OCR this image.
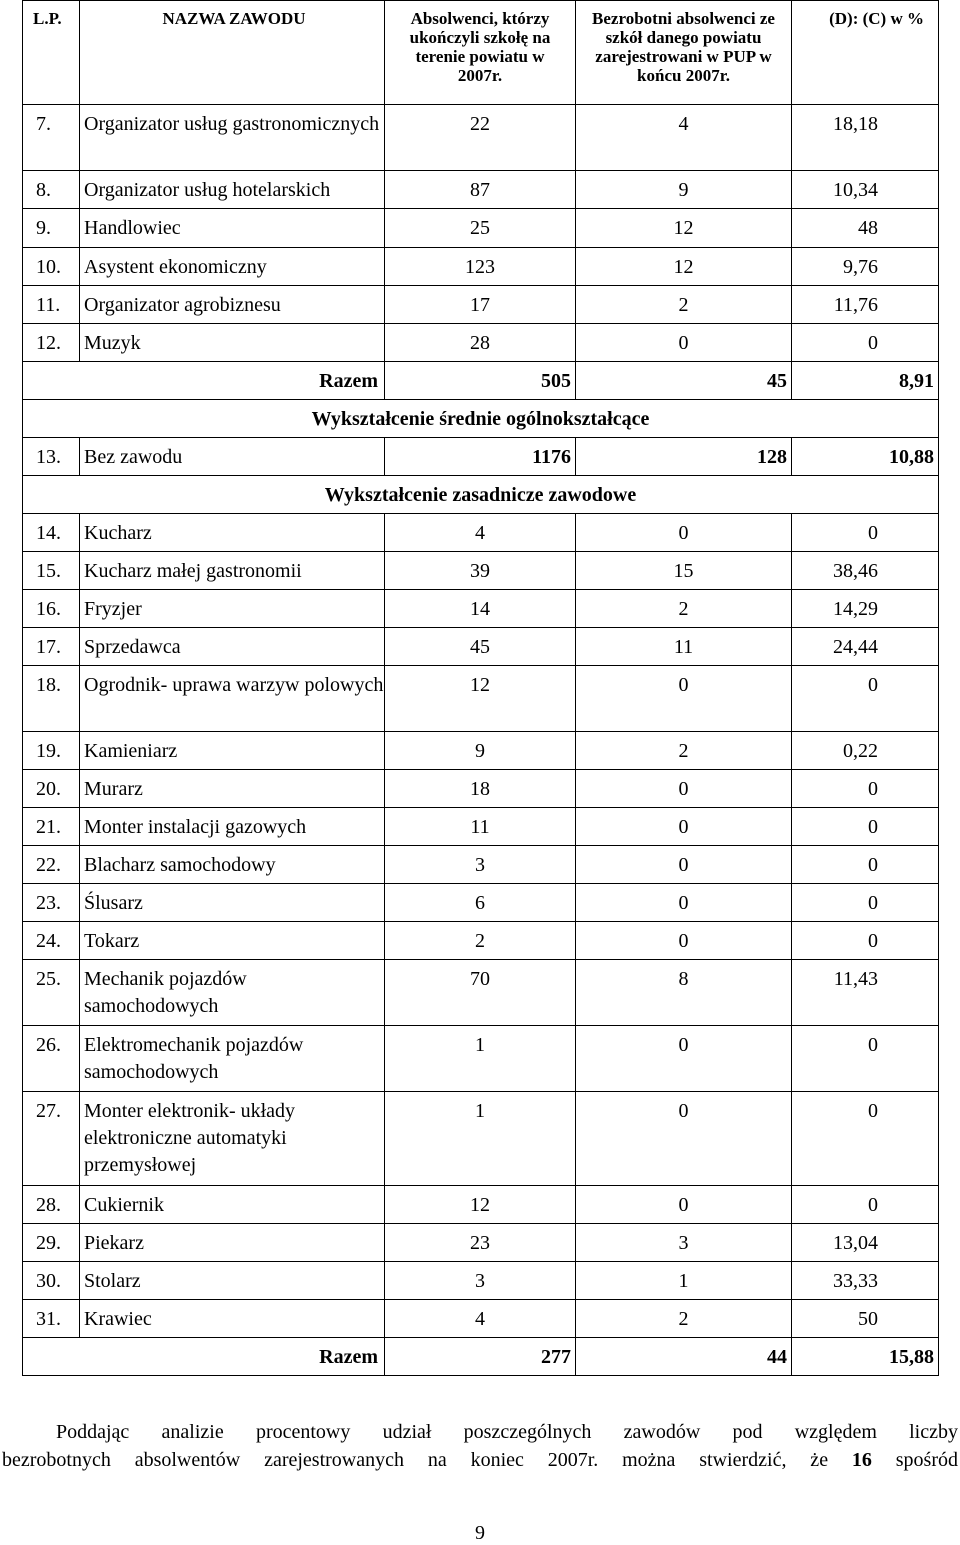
L.P.	NAZWA ZAWODU	Absolwenci, którzy ukończyli szkołę na terenie powiatu w 2007r.	Bezrobotni absolwenci ze szkół danego powiatu zarejestrowani w PUP w końcu 2007r.	(D): (C) w %
7.	Organizator usług gastronomicznych	22	4	18,18
8.	Organizator usług hotelarskich	87	9	10,34
9.	Handlowiec	25	12	48
10.	Asystent ekonomiczny	123	12	9,76
11.	Organizator agrobiznesu	17	2	11,76
12.	Muzyk	28	0	0
Razem		505	45	8,91
Wykształcenie średnie ogólnokształcące				
13.	Bez zawodu	1176	128	10,88
Wykształcenie zasadnicze zawodowe				
14.	Kucharz	4	0	0
15.	Kucharz małej gastronomii	39	15	38,46
16.	Fryzjer	14	2	14,29
17.	Sprzedawca	45	11	24,44
18.	Ogrodnik- uprawa warzyw polowych	12	0	0
19.	Kamieniarz	9	2	0,22
20.	Murarz	18	0	0
21.	Monter instalacji gazowych	11	0	0
22.	Blacharz samochodowy	3	0	0
23.	Ślusarz	6	0	0
24.	Tokarz	2	0	0
25.	Mechanik pojazdów samochodowych	70	8	11,43
26.	Elektromechanik pojazdów samochodowych	1	0	0
27.	Monter elektronik- układy elektroniczne automatyki przemysłowej	1	0	0
28.	Cukiernik	12	0	0
29.	Piekarz	23	3	13,04
30.	Stolarz	3	1	33,33
31.	Krawiec	4	2	50
Razem		277	44	15,88
Poddając analizie procentowy udział poszczególnych zawodów pod względem liczby
bezrobotnych absolwentów zarejestrowanych na koniec 2007r. można stwierdzić, że 16 spośród
9
